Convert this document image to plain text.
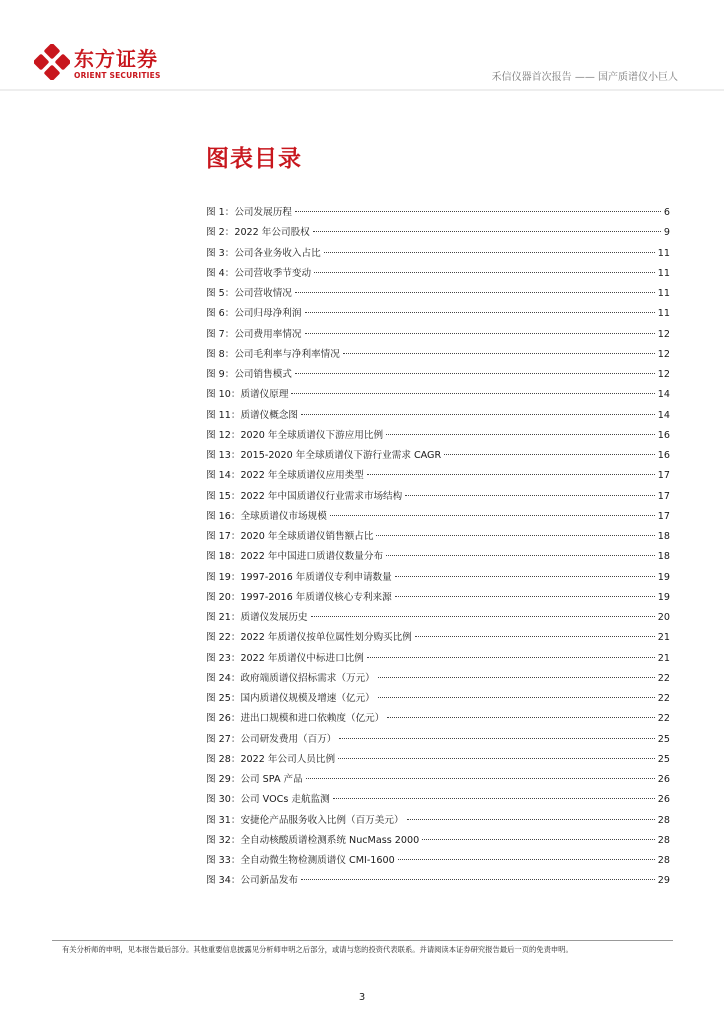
东方证券
ORIENT SECURITIES	禾信仪器首次报告 —— 国产质谱仪小巨人
图表目录
图 1：公司发展历程	6
图 2：2022 年公司股权	9
图 3：公司各业务收入占比	11
图 4：公司营收季节变动	11
图 5：公司营收情况	11
图 6：公司归母净利润	11
图 7：公司费用率情况	12
图 8：公司毛利率与净利率情况	12
图 9：公司销售模式	12
图 10：质谱仪原理	14
图 11：质谱仪概念图	14
图 12：2020 年全球质谱仪下游应用比例	16
图 13：2015-2020 年全球质谱仪下游行业需求 CAGR	16
图 14：2022 年全球质谱仪应用类型	17
图 15：2022 年中国质谱仪行业需求市场结构	17
图 16：全球质谱仪市场规模	17
图 17：2020 年全球质谱仪销售额占比	18
图 18：2022 年中国进口质谱仪数量分布	18
图 19：1997-2016 年质谱仪专利申请数量	19
图 20：1997-2016 年质谱仪核心专利来源	19
图 21：质谱仪发展历史	20
图 22：2022 年质谱仪按单位属性划分购买比例	21
图 23：2022 年质谱仪中标进口比例	21
图 24：政府端质谱仪招标需求（万元）	22
图 25：国内质谱仪规模及增速（亿元）	22
图 26：进出口规模和进口依赖度（亿元）	22
图 27：公司研发费用（百万）	25
图 28：2022 年公司人员比例	25
图 29：公司 SPA 产品	26
图 30：公司 VOCs 走航监测	26
图 31：安捷伦产品服务收入比例（百万美元）	28
图 32：全自动核酸质谱检测系统 NucMass 2000	28
图 33：全自动微生物检测质谱仪 CMI-1600	28
图 34：公司新品发布	29
有关分析师的申明，见本报告最后部分。其他重要信息披露见分析师申明之后部分，或请与您的投资代表联系。并请阅读本证券研究报告最后一页的免责申明。
3
